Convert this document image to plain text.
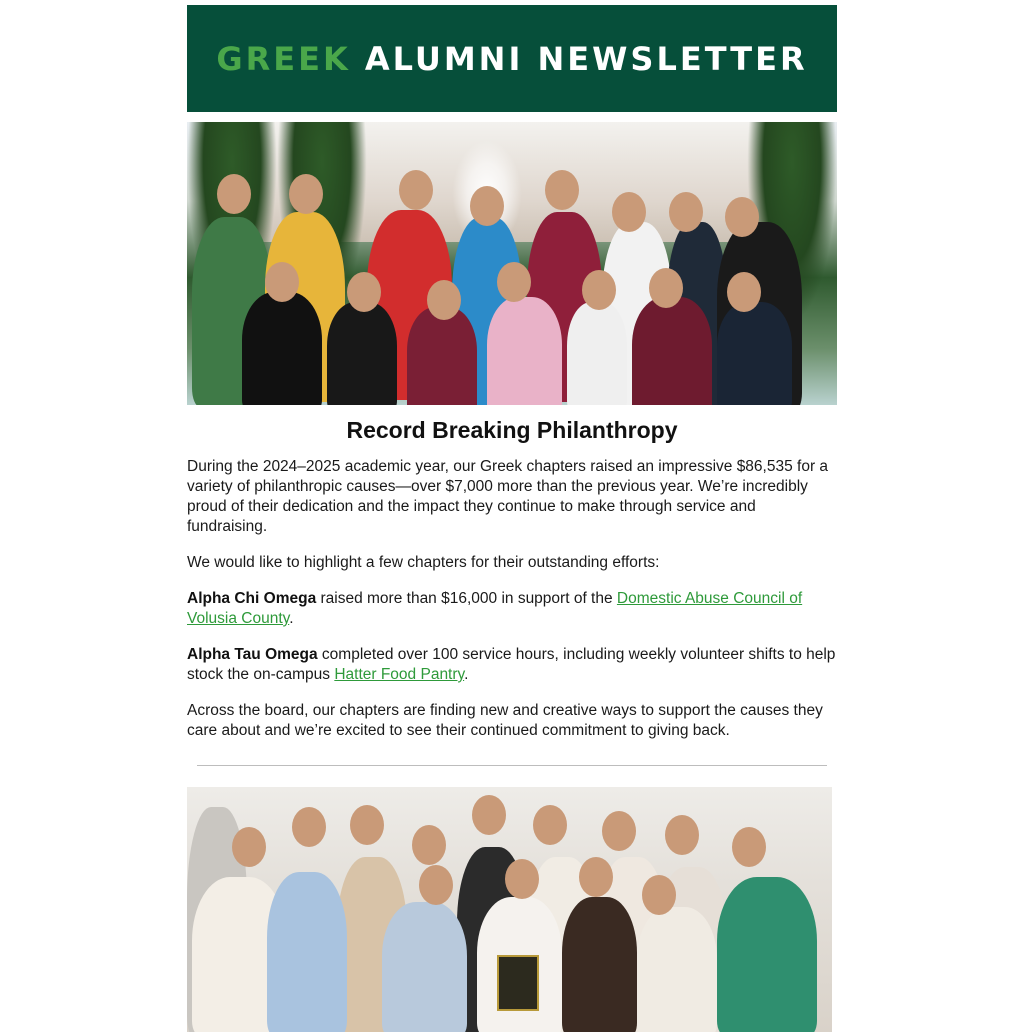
GREEK ALUMNI NEWSLETTER
Record Breaking Philanthropy

During the 2024–2025 academic year, our Greek chapters raised an impressive $86,535 for a variety of philanthropic causes—over $7,000 more than the previous year. We’re incredibly proud of their dedication and the impact they continue to make through service and fundraising.

We would like to highlight a few chapters for their outstanding efforts:

Alpha Chi Omega raised more than $16,000 in support of the Domestic Abuse Council of Volusia County.

Alpha Tau Omega completed over 100 service hours, including weekly volunteer shifts to help stock the on-campus Hatter Food Pantry.

Across the board, our chapters are finding new and creative ways to support the causes they care about and we’re excited to see their continued commitment to giving back.
